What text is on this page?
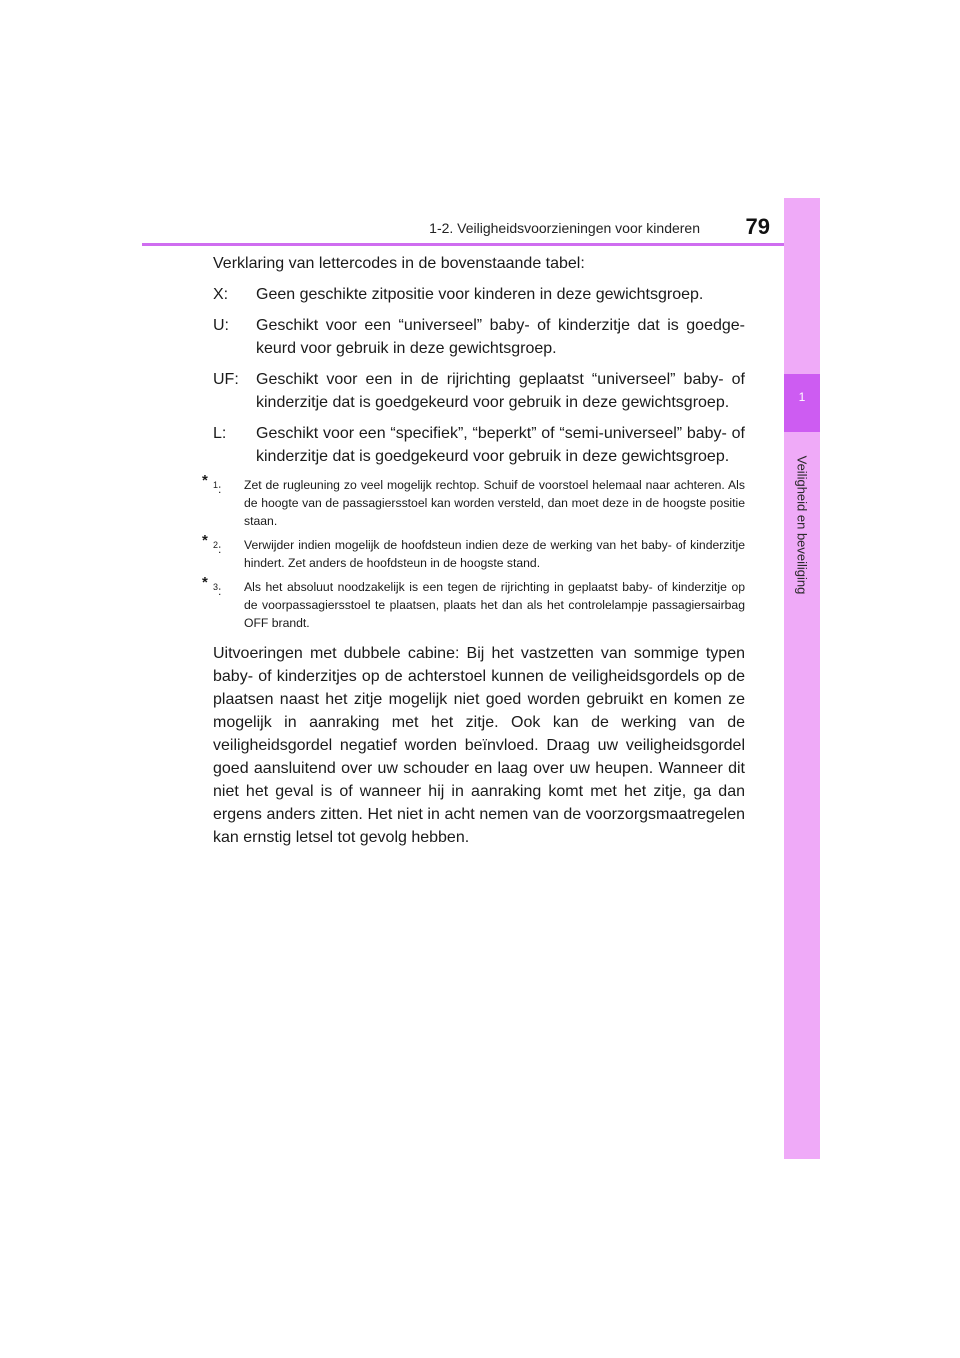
1-2. Veiligheidsvoorzieningen voor kinderen	79
1
Veiligheid en beveiliging

Verklaring van lettercodes in de bovenstaande tabel:

X:	Geen geschikte zitpositie voor kinderen in deze gewichtsgroep.
U:	Geschikt voor een “universeel” baby- of kinderzitje dat is goedgekeurd voor gebruik in deze gewichtsgroep.
UF:	Geschikt voor een in de rijrichting geplaatst “universeel” baby- of kinderzitje dat is goedgekeurd voor gebruik in deze gewichtsgroep.
L:	Geschikt voor een “specifiek”, “beperkt” of “semi-universeel” baby- of kinderzitje dat is goedgekeurd voor gebruik in deze gewichtsgroep.
* $^1$:	Zet de rugleuning zo veel mogelijk rechtop. Schuif de voorstoel helemaal naar achteren. Als de hoogte van de passagiersstoel kan worden versteld, dan moet deze in de hoogste positie staan.
* $^2$:	Verwijder indien mogelijk de hoofdsteun indien deze de werking van het baby- of kinderzitje hindert. Zet anders de hoofdsteun in de hoogste stand.
* $^3$:	Als het absoluut noodzakelijk is een tegen de rijrichting in geplaatst baby- of kinderzitje op de voorpassagiersstoel te plaatsen, plaats het dan als het controlelampje passagiersairbag OFF brandt.

Uitvoeringen met dubbele cabine: Bij het vastzetten van sommige typen baby- of kinderzitjes op de achterstoel kunnen de veiligheidsgordels op de plaatsen naast het zitje mogelijk niet goed worden gebruikt en komen ze mogelijk in aanraking met het zitje. Ook kan de werking van de veiligheidsgordel negatief worden beïnvloed. Draag uw veiligheidsgordel goed aansluitend over uw schouder en laag over uw heupen. Wanneer dit niet het geval is of wanneer hij in aanraking komt met het zitje, ga dan ergens anders zitten. Het niet in acht nemen van de voorzorgsmaatregelen kan ernstig letsel tot gevolg hebben.
